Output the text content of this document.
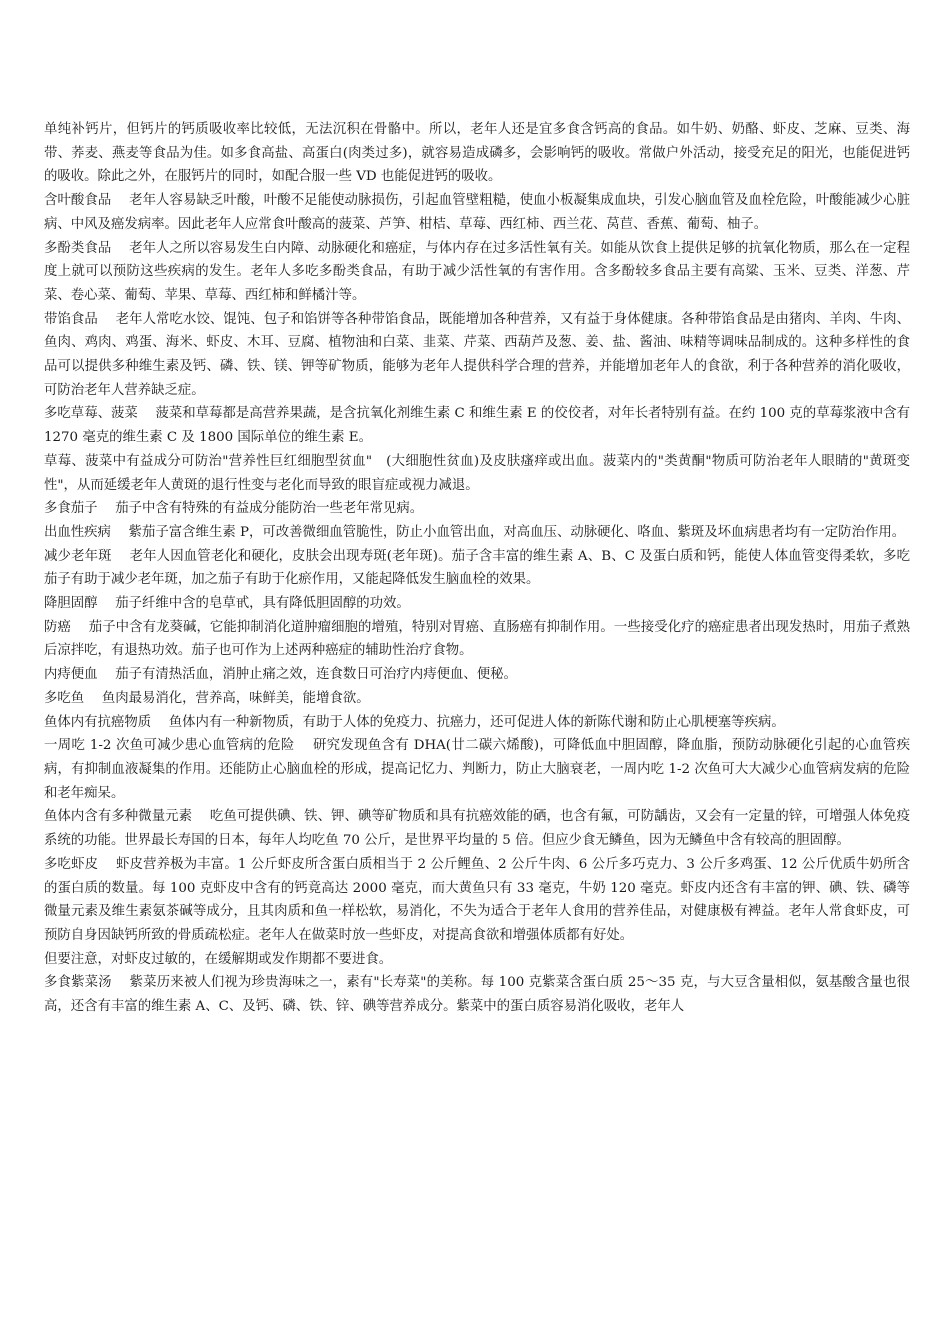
单纯补钙片，但钙片的钙质吸收率比较低，无法沉积在骨骼中。所以，老年人还是宜多食含钙高的食品。如牛奶、奶酪、虾皮、芝麻、豆类、海带、荞麦、燕麦等食品为佳。如多食高盐、高蛋白(肉类过多)，就容易造成磷多，会影响钙的吸收。常做户外活动，接受充足的阳光，也能促进钙的吸收。除此之外，在服钙片的同时，如配合服一些 VD 也能促进钙的吸收。

含叶酸食品　 老年人容易缺乏叶酸，叶酸不足能使动脉损伤，引起血管壁粗糙，使血小板凝集成血块，引发心脑血管及血栓危险，叶酸能减少心脏病、中风及癌发病率。因此老年人应常食叶酸高的菠菜、芦笋、柑桔、草莓、西红柿、西兰花、莴苣、香蕉、葡萄、柚子。

多酚类食品　 老年人之所以容易发生白内障、动脉硬化和癌症，与体内存在过多活性氧有关。如能从饮食上提供足够的抗氧化物质，那么在一定程度上就可以预防这些疾病的发生。老年人多吃多酚类食品，有助于减少活性氧的有害作用。含多酚较多食品主要有高粱、玉米、豆类、洋葱、芹菜、卷心菜、葡萄、苹果、草莓、西红柿和鲜橘汁等。

带馅食品　 老年人常吃水饺、馄饨、包子和馅饼等各种带馅食品，既能增加各种营养，又有益于身体健康。各种带馅食品是由猪肉、羊肉、牛肉、鱼肉、鸡肉、鸡蛋、海米、虾皮、木耳、豆腐、植物油和白菜、韭菜、芹菜、西葫芦及葱、姜、盐、酱油、味精等调味品制成的。这种多样性的食品可以提供多种维生素及钙、磷、铁、镁、钾等矿物质，能够为老年人提供科学合理的营养，并能增加老年人的食欲，利于各种营养的消化吸收，可防治老年人营养缺乏症。

多吃草莓、菠菜　 菠菜和草莓都是高营养果蔬，是含抗氧化剂维生素 C 和维生素 E 的佼佼者，对年长者特别有益。在约 100 克的草莓浆液中含有 1270 毫克的维生素 C 及 1800 国际单位的维生素 E。

草莓、菠菜中有益成分可防治"营养性巨红细胞型贫血"　(大细胞性贫血)及皮肤瘙痒或出血。菠菜内的"类黄酮"物质可防治老年人眼睛的"黄斑变性"，从而延缓老年人黄斑的退行性变与老化而导致的眼盲症或视力减退。

多食茄子　 茄子中含有特殊的有益成分能防治一些老年常见病。

出血性疾病　 紫茄子富含维生素 P，可改善微细血管脆性，防止小血管出血，对高血压、动脉硬化、咯血、紫斑及坏血病患者均有一定防治作用。

减少老年斑　 老年人因血管老化和硬化，皮肤会出现寿斑(老年斑)。茄子含丰富的维生素 A、B、C 及蛋白质和钙，能使人体血管变得柔软，多吃茄子有助于减少老年斑，加之茄子有助于化瘀作用，又能起降低发生脑血栓的效果。

降胆固醇　 茄子纤维中含的皂草甙，具有降低胆固醇的功效。

防癌　 茄子中含有龙葵碱，它能抑制消化道肿瘤细胞的增殖，特别对胃癌、直肠癌有抑制作用。一些接受化疗的癌症患者出现发热时，用茄子煮熟后凉拌吃，有退热功效。茄子也可作为上述两种癌症的辅助性治疗食物。

内痔便血　 茄子有清热活血，消肿止痛之效，连食数日可治疗内痔便血、便秘。

多吃鱼　 鱼肉最易消化，营养高，味鲜美，能增食欲。

鱼体内有抗癌物质　 鱼体内有一种新物质，有助于人体的免疫力、抗癌力，还可促进人体的新陈代谢和防止心肌梗塞等疾病。

一周吃 1-2 次鱼可减少患心血管病的危险　 研究发现鱼含有 DHA(廿二碳六烯酸)，可降低血中胆固醇，降血脂，预防动脉硬化引起的心血管疾病，有抑制血液凝集的作用。还能防止心脑血栓的形成，提高记忆力、判断力，防止大脑衰老，一周内吃 1-2 次鱼可大大减少心血管病发病的危险和老年痴呆。

鱼体内含有多种微量元素　 吃鱼可提供碘、铁、钾、碘等矿物质和具有抗癌效能的硒，也含有氟，可防龋齿，又会有一定量的锌，可增强人体免疫系统的功能。世界最长寿国的日本，每年人均吃鱼 70 公斤，是世界平均量的 5 倍。但应少食无鳞鱼，因为无鳞鱼中含有较高的胆固醇。

多吃虾皮　 虾皮营养极为丰富。1 公斤虾皮所含蛋白质相当于 2 公斤鲤鱼、2 公斤牛肉、6 公斤多巧克力、3 公斤多鸡蛋、12 公斤优质牛奶所含的蛋白质的数量。每 100 克虾皮中含有的钙竟高达 2000 毫克，而大黄鱼只有 33 毫克，牛奶 120 毫克。虾皮内还含有丰富的钾、碘、铁、磷等微量元素及维生素氨茶碱等成分，且其肉质和鱼一样松软，易消化，不失为适合于老年人食用的营养佳品，对健康极有裨益。老年人常食虾皮，可预防自身因缺钙所致的骨质疏松症。老年人在做菜时放一些虾皮，对提高食欲和增强体质都有好处。

但要注意，对虾皮过敏的，在缓解期或发作期都不要进食。

多食紫菜汤　 紫菜历来被人们视为珍贵海味之一，素有"长寿菜"的美称。每 100 克紫菜含蛋白质 25～35 克，与大豆含量相似，氨基酸含量也很高，还含有丰富的维生素 A、C、及钙、磷、铁、锌、碘等营养成分。紫菜中的蛋白质容易消化吸收，老年人
